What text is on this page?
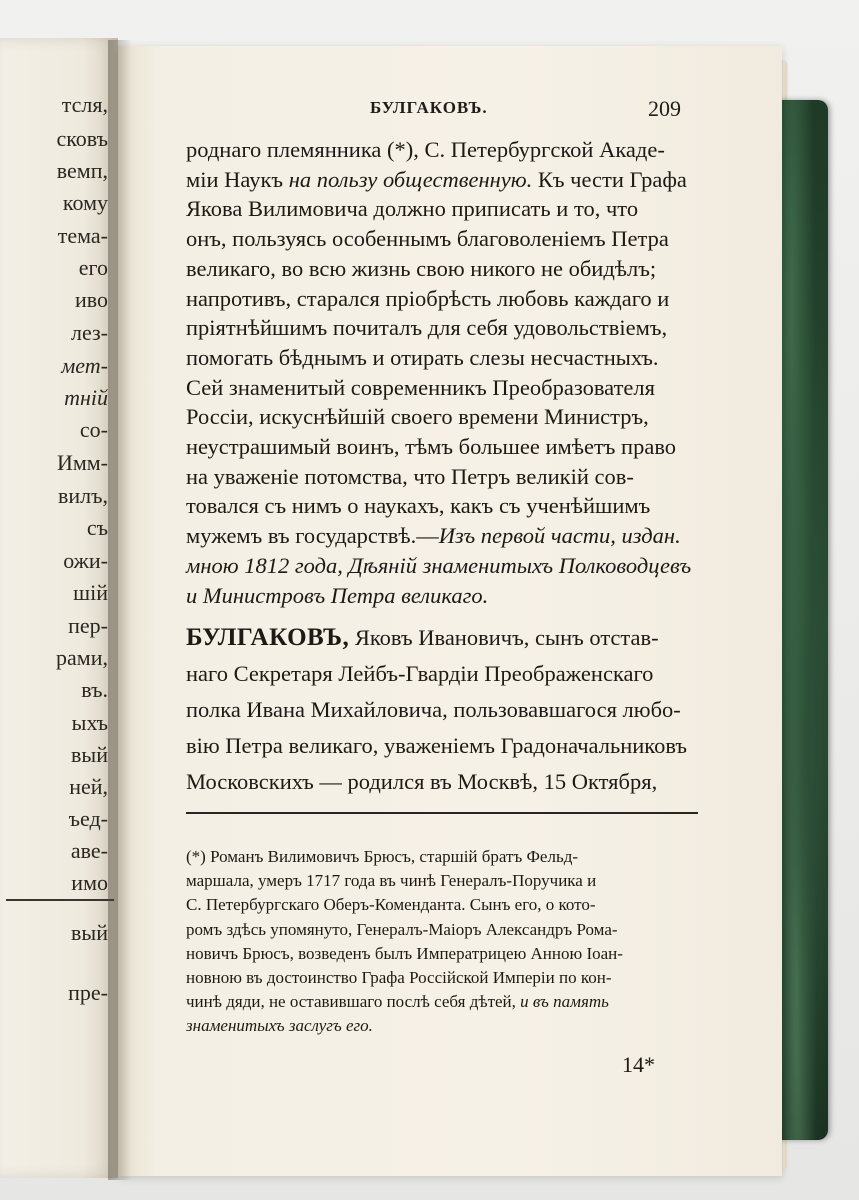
тсля,
сковъ
вемп,
кому
тема-
его
иво
лез-
мет-
тній
со-
Имм-
вилъ,
съ
ожи-
шій
пер-
рами,
въ.
ыхъ
вый
ней,
ъед-
аве-
имо
вый
пре-
БУЛГАКОВЪ.	209
роднаго племянника (*), С. Петербургской Акаде-
міи Наукъ на пользу общественную. Къ чести Графа
Якова Вилимовича должно приписать и то, что
онъ, пользуясь особеннымъ благоволеніемъ Петра
великаго, во всю жизнь свою никого не обидѣлъ;
напротивъ, старался пріобрѣсть любовь каждаго и
пріятнѣйшимъ почиталъ для себя удовольствіемъ,
помогать бѣднымъ и отирать слезы несчастныхъ.
Сей знаменитый современникъ Преобразователя
Россіи, искуснѣйшій своего времени Министръ,
неустрашимый воинъ, тѣмъ большее имѣетъ право
на уваженіе потомства, что Петръ великій сов-
товался съ нимъ о наукахъ, какъ съ ученѣйшимъ
мужемъ въ государствѣ.—Изъ первой части, издан.
мною 1812 года, Дѣяній знаменитыхъ Полководцевъ
и Министровъ Петра великаго.
БУЛГАКОВЪ, Яковъ Ивановичъ, сынъ отстав-
наго Секретаря Лейбъ-Гвардіи Преображенскаго
полка Ивана Михайловича, пользовавшагося любо-
вію Петра великаго, уваженіемъ Градоначальниковъ
Московскихъ — родился въ Москвѣ, 15 Октября,
(*) Романъ Вилимовичъ Брюсъ, старшій братъ Фельд-
маршала, умеръ 1717 года въ чинѣ Генералъ-Поручика и
С. Петербургскаго Оберъ-Коменданта. Сынъ его, о кото-
ромъ здѣсь упомянуто, Генералъ-Маіоръ Александръ Рома-
новичъ Брюсъ, возведенъ былъ Императрицею Анною Іоан-
новною въ достоинство Графа Россійской Имперіи по кон-
чинѣ дяди, не оставившаго послѣ себя дѣтей, и въ память
знаменитыхъ заслугъ его.
14*
